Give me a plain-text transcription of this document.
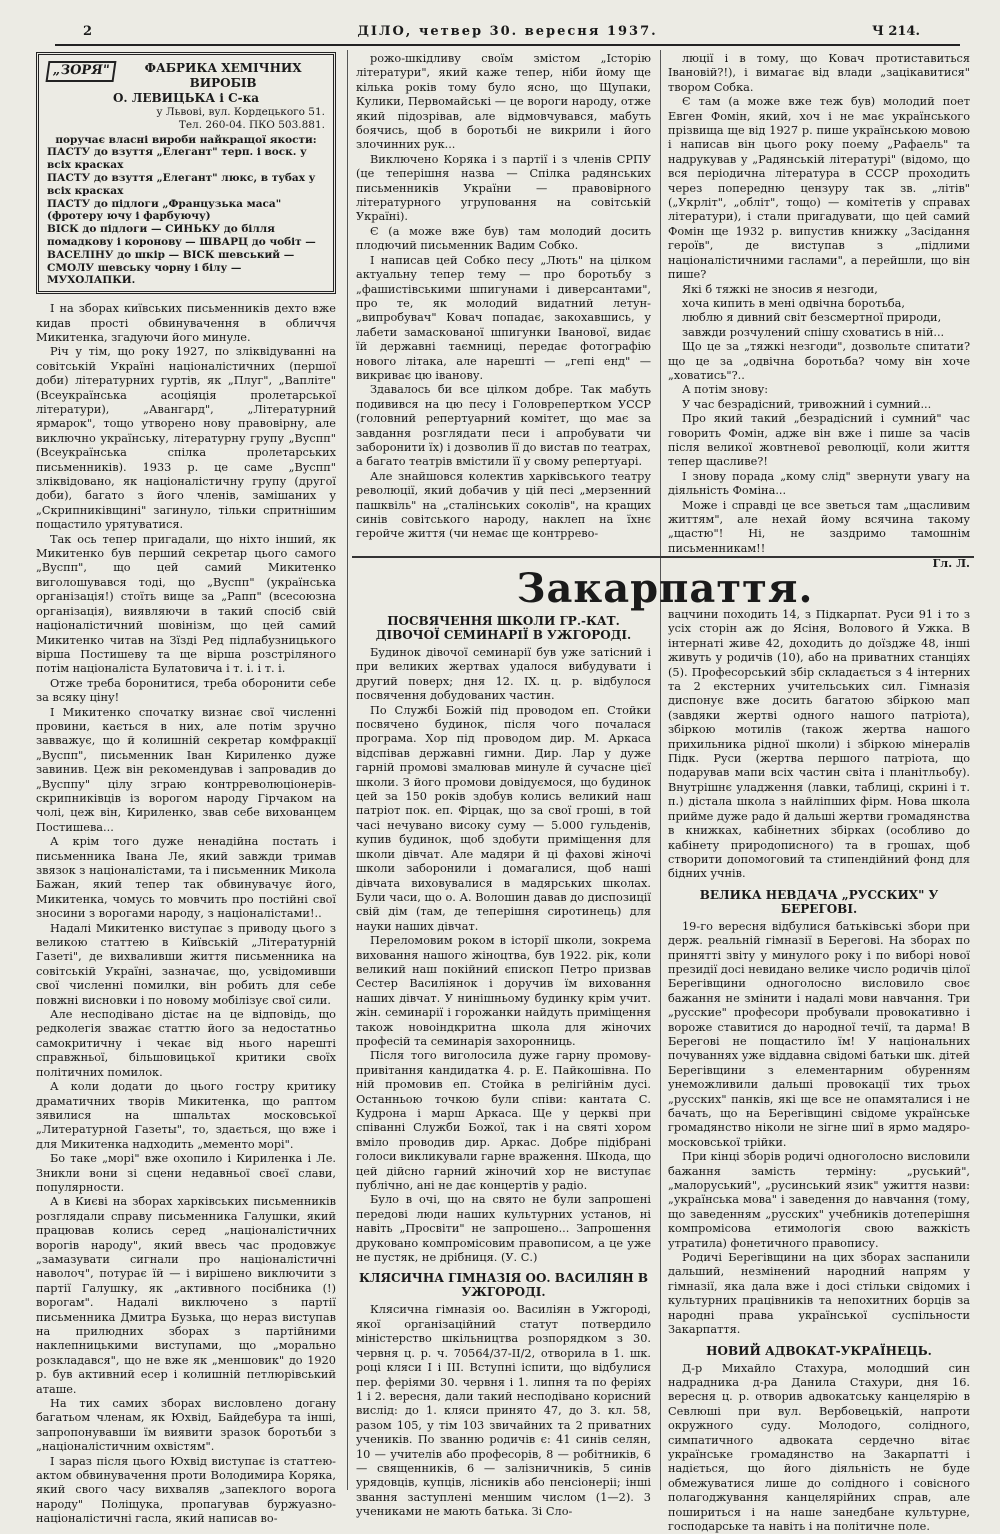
2	ДІЛО, четвер 30. вересня 1937.	Ч 214.
„ЗОРЯ"	ФАБРИКА ХЕМІЧНИХ ВИРОБІВ
О. ЛЕВИЦЬКА і С-ка
у Львові, вул. Кордецького 51.
Тел. 260-04. ПКО 503.881.
поручає власні вироби найкращої якости:
ПАСТУ до взуття „Елегант" терп. і воск. у всіх красках
ПАСТУ до взуття „Елегант" люкс, в тубах у всіх красках
ПАСТУ до підлоги „Французька маса" (фротеру ючу і фарбуючу)
ВІСК до підлоги — СИНЬКУ до білля помадкову і короновy — ШВАРЦ до чобіт — ВАСЕЛІНУ до шкір — ВІСК шевський — СМОЛУ шевську чорну і білу — МУХОЛАПКИ.

І на зборах київських письменників дехто вже кидав прості обвинувачення в обличчя Микитенка, згадуючи його минуле.

Річ у тім, що року 1927, по зліквідуванні на совітській Україні націоналістичних (першої доби) літературних гуртів, як „Плуг", „Вапліте" (Всеукраїнська асоціяція пролетарської літератури), „Авангард", „Літературний ярмарок", тощо утворено нову правовірну, але виключно українську, літературну групу „Вуспп" (Всеукраїнська спілка пролетарських письменників). 1933 р. це саме „Вуспп" зліквідовано, як націоналістичну групу (другої доби), багато з його членів, замішаних у „Скрипниківщині" загинуло, тільки спритнішим пощастило урятуватися.

Так ось тепер пригадали, що ніхто інший, як Микитенко був перший секретар цього самого „Вуспп", що цей самий Микитенко виголошувався тоді, що „Вуспп" (українська організація!) стоїть вище за „Рапп" (всесоюзна організація), виявляючи в такий спосіб свій націоналістичний шовінізм, що цей самий Микитенко читав на Зїзді Ред підлабузницького вірша Постишеву та ще вірша розстріляного потім націоналіста Булатовича і т. і. і т. і.

Отже треба боронитися, треба оборонити себе за всяку ціну!

І Микитенко спочатку визнає свої численні провини, кається в них, але потім зручно завважує, що й колишній секретар комфракції „Вуспп", письменник Іван Кириленко дуже завинив. Цеж він рекомендував і запровадив до „Вусппу" цілу зграю контрреволюціонерів-скрипниківців із ворогом народу Гірчаком на чолі, цеж він, Кириленко, звав себе вихованцем Постишева...

А крім того дуже ненадійна постать і письменника Івана Ле, який завжди тримав звязок з націоналістами, та і письменник Микола Бажан, який тепер так обвинувачує його, Микитенка, чомусь то мовчить про постійні свої зносини з ворогами народу, з націоналістами!..

Надалі Микитенко виступає з приводу цього з великою статтею в Київській „Літературній Газеті", де вихваливши життя письменника на совітській Україні, зазначає, що, усвідомивши свої численні помилки, він робить для себе повжні висновки і по новому мобілізує свої сили.

Але несподівано дістає на це відповідь, що редколегія зважає статтю його за недостатньо самокритичну і чекає від нього нарешті справжньої, більшовицької критики своїх політичних помилок.

А коли додати до цього гостру критику драматичних творів Микитенка, що раптом зявилися на шпальтах московської „Литературной Газеты", то, здається, що вже і для Микитенка надходить „мементо морі".

Бо таке „морі" вже охопило і Кириленка і Ле. Зникли вони зі сцени недавньої своєї слави, популярности.

А в Києві на зборах харківських письменників розглядали справу письменника Галушки, який працював колись серед „націоналістичних ворогів народу", який ввесь час продовжує „замазувати сигнали про націоналістичні наволоч", потурає їй — і вирішено виключити з партії Галушку, як „активного посібника (!) ворогам". Надалі виключено з партії письменника Дмитра Бузька, що нераз виступав на прилюдних зборах з партійними наклепницькими виступами, що „морально розкладався", що не вже як „меншовик" до 1920 р. був активний есер і колишній петлюрівський аташе.

На тих самих зборах висловлено догану багатьом членам, як Юхвід, Байдебура та інші, запропонувавши їм виявити зразок боротьби з „націоналістичним охвістям".

І зараз після цього Юхвід виступає із статтею-актом обвинувачення проти Володимира Коряка, який свого часу вихваляв „запеклого ворога народу" Поліщука, пропагував буржуазно-націоналістичні гасла, який написав во-

рожо-шкідливу своїм змістом „Історію літератури", який каже тепер, ніби йому ще кілька років тому було ясно, що Щупаки, Кулики, Первомайські — це вороги народу, отже який підозрівав, але відмовчувався, мабуть боячись, щоб в боротьбі не викрили і його злочинних рук...

Виключено Коряка і з партії і з членів СРПУ (це теперішня назва — Спілка радянських письменників України — правовірного літературного угруповання на совітській Україні).

Є (а може вже був) там молодий досить плодючий письменник Вадим Собко.

І написав цей Собко песу „Лють" на цілком актуальну тепер тему — про боротьбу з „фашистівськими шпигунами і диверсантами", про те, як молодий видатний летун-„випробувач" Ковач попадає, закохавшись, у лабети замаскованої шпигунки Іванової, видає їй державні таємниці, передає фотографію нового літака, але нарешті — „гепі енд" — викриває цю іванову.

Здавалось би все цілком добре. Так мабуть подивився на цю песу і Головрепертком УССР (головний репертуарний комітет, що має за завдання розглядати песи і апробувати чи заборонити їх) і дозволив її до вистав по театрах, а багато театрів вмістили її у свому репертуарі.

Але знайшовся колектив харківського театру революції, який добачив у цій песі „мерзенний пашквіль" на „сталінських соколів", на кращих синів совітського народу, наклеп на їхнє геройче життя (чи немає ще контррево-

люції і в тому, що Ковач протиставиться Івановій?!), і вимагає від влади „зацікавитися" твором Собка.

Є там (а може вже теж був) молодий поет Евген Фомін, який, хоч і не має українського прізвища ще від 1927 р. пише українською мовою і написав він цього року поему „Рафаель" та надрукував у „Радянській літературі" (відомо, що вся періодична література в СССР проходить через попередню цензуру так зв. „літів" („Укрліт", „обліт", тощо) — комітетів у справах літератури), і стали пригадувати, що цей самий Фомін ще 1932 р. випустив книжку „Засідання героїв", де виступав з „підлими націоналістичними гаслами", а перейшли, що він пише?

Які б тяжкі не зносив я незгоди,

хоча кипить в мені одвічна боротьба,

люблю я дивний світ безсмертної природи,

завжди розчулений спішу сховатись в ній...

Що це за „тяжкі незгоди", дозвольте спитати? що це за „одвічна боротьба? чому він хоче „ховатись"?..

А потім знову:

У час безрадісний, тривожний і сумний...

Про який такий „безрадісний і сумний" час говорить Фомін, адже він вже і пише за часів після великої жовтневої революції, коли життя тепер щасливе?!

І знову порада „кому слід" звернути увагу на діяльність Фоміна...

Може і справді це все зветься там „щасливим життям", але нехай йому всячина такому „щастю"! Ні, не заздримо тамошнім письменникам!!

Гл. Л.

Закарпаття.
ПОСВЯЧЕННЯ ШКОЛИ ГР.-КАТ. ДІВОЧОЇ СЕМИНАРІЇ В УЖГОРОДІ.

Будинок дівочої семинарії був уже затісний і при великих жертвах удалося вибудувати і другий поверх; дня 12. IX. ц. р. відбулося посвячення добудованих частин.

По Службі Божій під проводом еп. Стойки посвячено будинок, після чого почалася програма. Хор під проводом дир. М. Аркаса відспівав державні гимни. Дир. Лар у дуже гарній промові змалював минуле й сучасне цієї школи. З його промови довідуємося, що будинок цей за 150 років здобув колись великий наш патріот пок. еп. Фірцак, що за свої гроші, в той часі нечувано високу суму — 5.000 гульденів, купив будинок, щоб здобути приміщення для школи дівчат. Але мадяри й ці фахові жіночі школи заборонили і домагалися, щоб наші дівчата виховувалися в мадярських школах. Були часи, що о. А. Волошин давав до диспозиції свій дім (там, де теперішня сиротинець) для науки наших дівчат.

Переломовим роком в історії школи, зокрема виховання нашого жіноцтва, був 1922. рік, коли великий наш покійний єпископ Петро призвав Сестер Василіянок і доручив їм виховання наших дівчат. У нинішньому будинку крім учит. жін. семинарії і горожанки найдуть приміщення також новоіндкритна школа для жіночих професій та семинарія захоронниць.

Після того виголосила дуже гарну промову-привітання кандидатка 4. р. Е. Пайкошівна. По ній промовив еп. Стойка в релігійнім дусі. Останньою точкою були співи: кантата С. Кудрона і марш Аркаса. Ще у церкві при співанні Служби Божої, так і на святі хором вміло проводив дир. Аркас. Добре підібрані голоси викликували гарне враження. Шкода, що цей дійсно гарний жіночий хор не виступає публічно, ані не дає концертів у радіо.

Було в очі, що на свято не були запрошені передові люди наших культурних установ, ні навіть „Просвіти" не запрошено... Запрошення друковано компромісовим правописом, а це уже не пустяк, не дрібниця. (У. С.)

КЛЯСИЧНА ГІМНАЗІЯ ОО. ВАСИЛІЯН В УЖГОРОДІ.

Клясична гімназія оо. Василіян в Ужгороді, якої організаційний статут потвердило міністерство шкільництва розпорядком з 30. червня ц. р. ч. 70564/37-II/2, отворила в 1. шк. році кляси І і III. Вступні іспити, що відбулися пер. феріями 30. червня і 1. липня та по феріях 1 і 2. вересня, дали такий несподівано корисний вислід: до 1. кляси принято 47, до 3. кл. 58, разом 105, у тім 103 звичайних та 2 приватних учеників. По званню родичів є: 41 синів селян, 10 — учителів або професорів, 8 — робітників, 6 — священників, 6 — залізничників, 5 синів урядовців, купців, лісників або пенсіонеріі; інші звання заступлені меншим числом (1—2). 3 учениками не мають батька. Зі Сло-

вацчини походить 14, з Підкарпат. Руси 91 і то з усіх сторін аж до Ясіня, Волового й Ужка. В інтернаті живе 42, доходить до доїздже 48, інші живуть у родичів (10), або на приватних станціях (5). Професорський збір складається з 4 інтерних та 2 екстерних учительських сил. Гімназія диспонує вже досить багатою збіркою мап (завдяки жертві одного нашого патріота), збіркою мотилів (також жертва нашого прихильника рідної школи) і збіркою мінералів Підк. Руси (жертва першого патріота, що подарував мапи всіх частин світа і планітльобу). Внутрішнє уладження (лавки, таблиці, скрині і т. п.) дістала школа з найліпших фірм. Нова школа прийме дуже радо й дальші жертви громадянства в книжках, кабінетних збірках (особливо до кабінету природописного) та в грошах, щоб створити допомоговий та стипендійний фонд для бідних учнів.

ВЕЛИКА НЕВДАЧА „РУССКИХ" У БЕРЕГОВІ.

19-го вересня відбулися батьківські збори при держ. реальній гімназії в Берегові. На зборах по принятті звіту у минулого року і по виборі нової президії досі невидано велике число родичів цілої Берегівщини одноголосно висловило своє бажання не змінити і надалі мови навчання. Три „русские" професори пробували провокативно і вороже ставитися до народної течії, та дарма! В Берегові не пощастило їм! У національних почуваннях уже віддавна свідомі батьки шк. дітей Берегівщини з елементарним обуренням унеможливили дальші провокації тих трьох „русских" панків, які ще все не опамяталися і не бачать, що на Берегівщині свідоме українське громадянство ніколи не зігне шиї в ярмо мадяро-московської трійки.

При кінці зборів родичі одноголосно висловили бажання замість терміну: „руський", „малоруський", „русинський язик" ужиття назви: „українська мова" і заведення до навчання (тому, що заведенням „русских" учебників дотеперішня компромісова етимологія свою важкість утратила) фонетичного правопису.

Родичі Берегівщини на цих зборах заспанили дальший, незмінений народний напрям у гімназії, яка дала вже і досі стільки свідомих і культурних працівників та непохитних борців за народні права української суспільности Закарпаття.

НОВИЙ АДВОКАТ-УКРАЇНЕЦЬ.

Д-р Михайло Стахура, молодший син надрадника д-ра Данила Стахури, дня 16. вересня ц. р. отворив адвокатську канцелярію в Севлюші при вул. Вербовецькій, напроти окружного суду. Молодого, солідного, симпатичного адвоката сердечно вітає українське громадянство на Закарпатті і надіється, що його діяльність не буде обмежуватися лише до солідного і совісного полагоджування канцелярійних справ, але пошириться і на наше занедбане культурне, господарське та навіть і на політичне поле.
